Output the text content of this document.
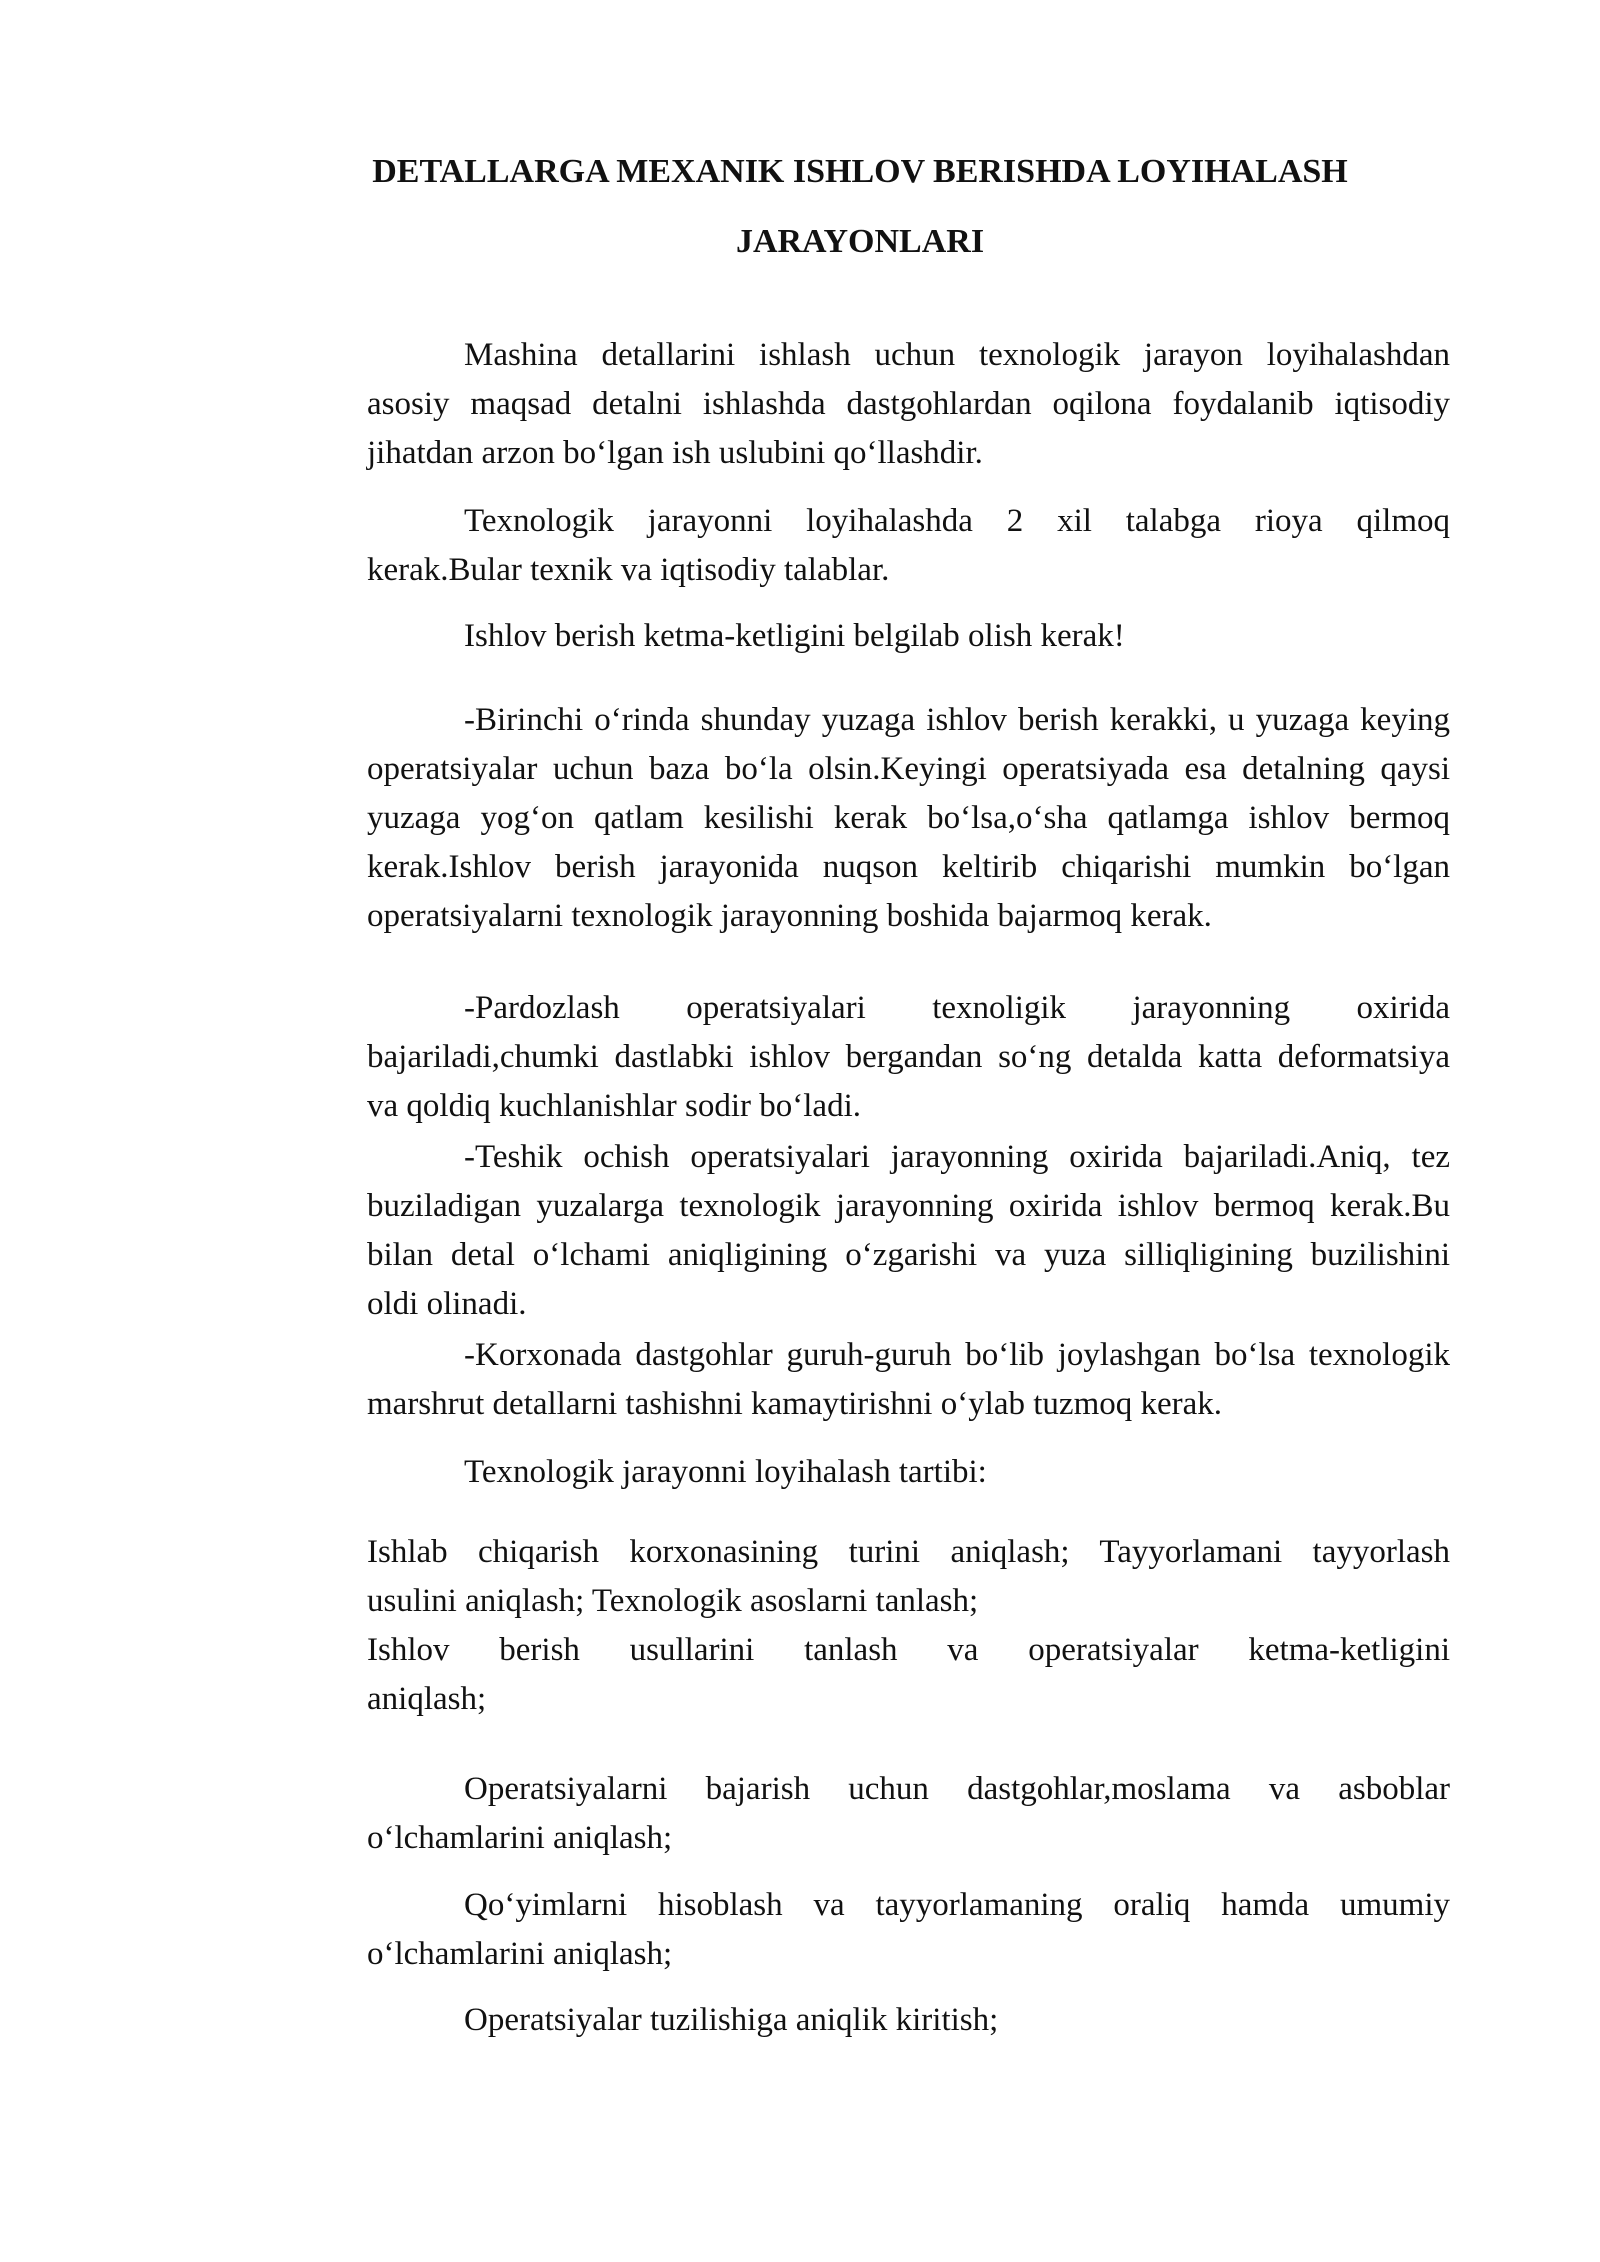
DETALLARGA MEXANIK ISHLOV BERISHDA LOYIHALASH
JARAYONLARI
Mashina detallarini ishlash uchun texnologik jarayon loyihalashdan
asosiy maqsad detalni ishlashda dastgohlardan oqilona foydalanib iqtisodiy
jihatdan arzon bo‘lgan ish uslubini qo‘llashdir.
Texnologik jarayonni loyihalashda 2 xil talabga rioya qilmoq
kerak.Bular texnik va iqtisodiy talablar.
Ishlov berish ketma-ketligini belgilab olish kerak!
-Birinchi o‘rinda shunday yuzaga ishlov berish kerakki, u yuzaga keying
operatsiyalar uchun baza bo‘la olsin.Keyingi operatsiyada esa detalning qaysi
yuzaga yog‘on qatlam kesilishi kerak bo‘lsa,o‘sha qatlamga ishlov bermoq
kerak.Ishlov berish jarayonida nuqson keltirib chiqarishi mumkin bo‘lgan
operatsiyalarni texnologik jarayonning boshida bajarmoq kerak.
-Pardozlash operatsiyalari texnoligik jarayonning oxirida
bajariladi,chumki dastlabki ishlov bergandan so‘ng detalda katta deformatsiya
va qoldiq kuchlanishlar sodir bo‘ladi.
-Teshik ochish operatsiyalari jarayonning oxirida bajariladi.Aniq, tez
buziladigan yuzalarga texnologik jarayonning oxirida ishlov bermoq kerak.Bu
bilan detal o‘lchami aniqligining o‘zgarishi va yuza silliqligining buzilishini
oldi olinadi.
-Korxonada dastgohlar guruh-guruh bo‘lib joylashgan bo‘lsa texnologik
marshrut detallarni tashishni kamaytirishni o‘ylab tuzmoq kerak.
Texnologik jarayonni loyihalash tartibi:
Ishlab chiqarish korxonasining turini aniqlash; Tayyorlamani tayyorlash
usulini aniqlash; Texnologik asoslarni tanlash;
Ishlov berish usullarini tanlash va operatsiyalar ketma-ketligini
aniqlash;
Operatsiyalarni bajarish uchun dastgohlar,moslama va asboblar
o‘lchamlarini aniqlash;
Qo‘yimlarni hisoblash va tayyorlamaning oraliq hamda umumiy
o‘lchamlarini aniqlash;
Operatsiyalar tuzilishiga aniqlik kiritish;
